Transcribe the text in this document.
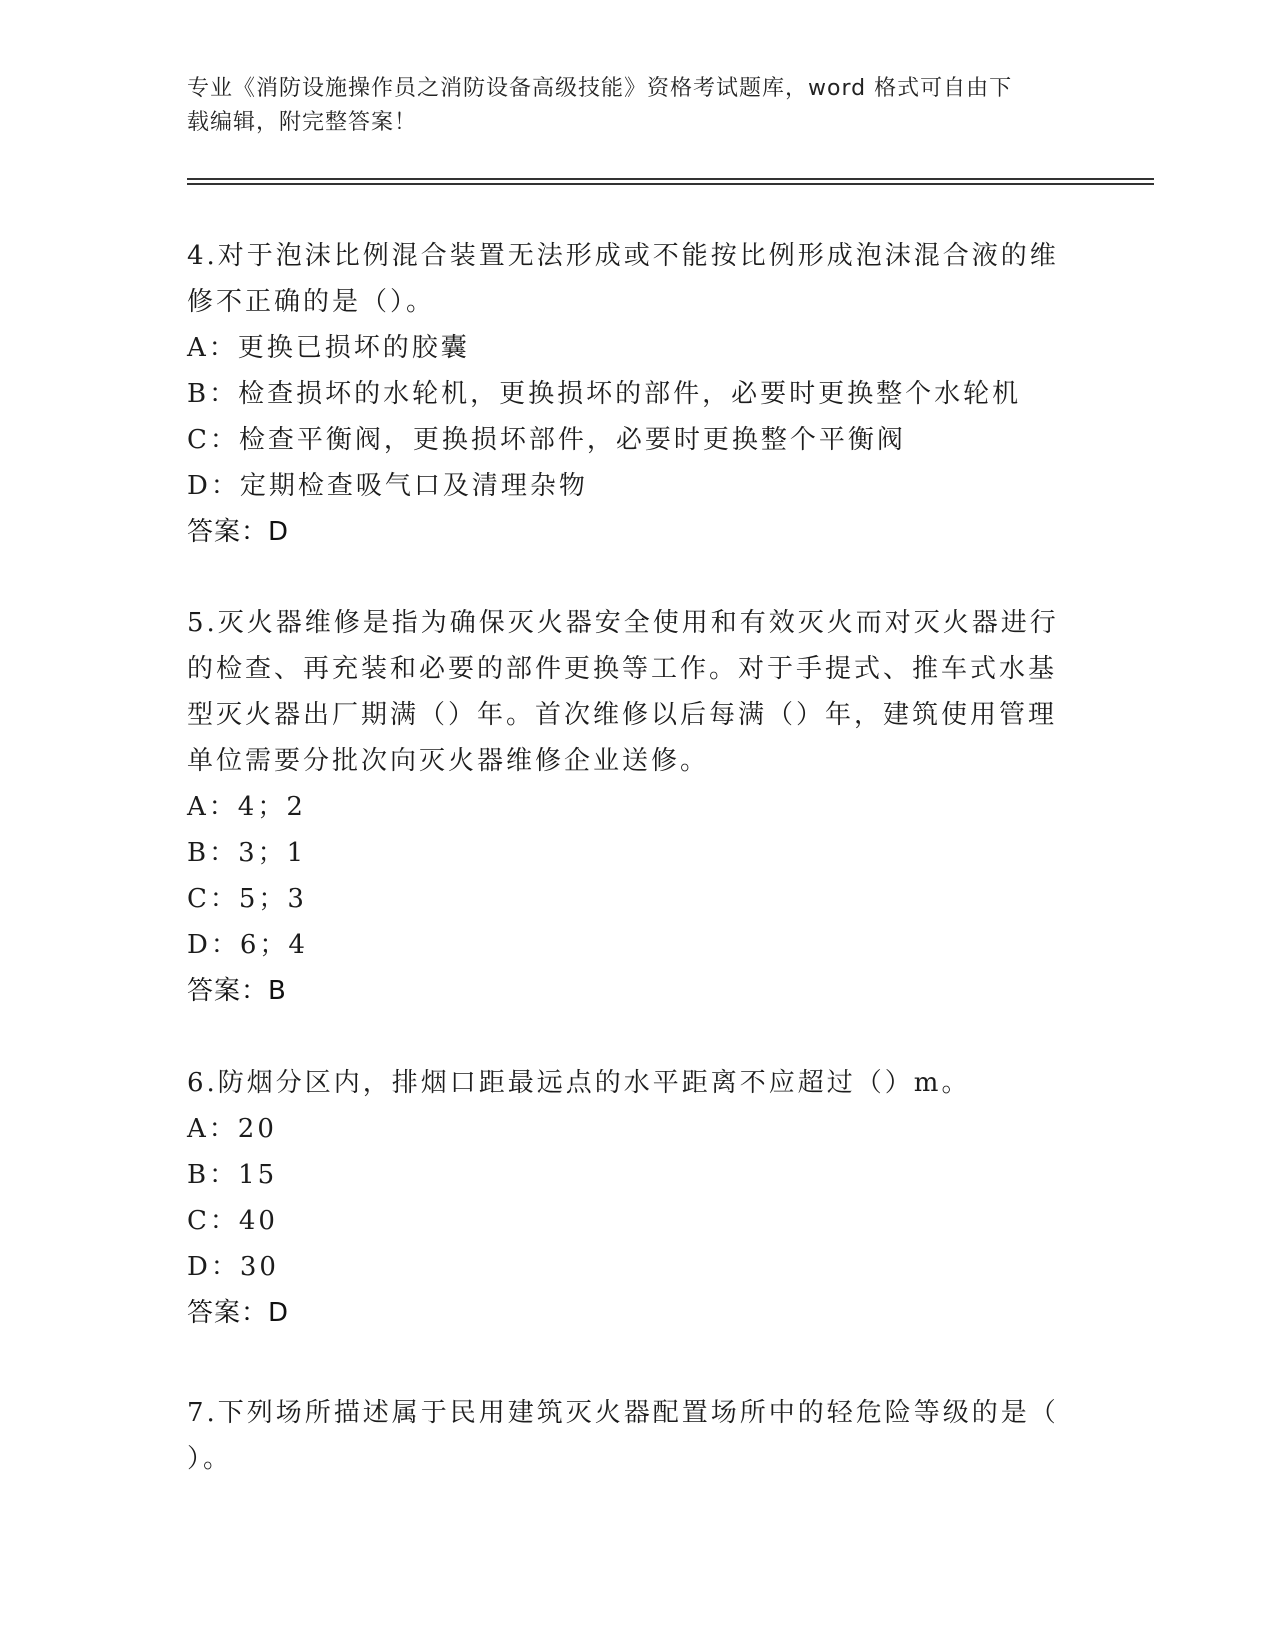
专业《消防设施操作员之消防设备高级技能》资格考试题库，word 格式可自由下
载编辑，附完整答案！

4.对于泡沫比例混合装置无法形成或不能按比例形成泡沫混合液的维

修不正确的是（）。

A：更换已损坏的胶囊

B：检查损坏的水轮机，更换损坏的部件，必要时更换整个水轮机

C：检查平衡阀，更换损坏部件，必要时更换整个平衡阀

D：定期检查吸气口及清理杂物

答案：D

5.灭火器维修是指为确保灭火器安全使用和有效灭火而对灭火器进行

的检查、再充装和必要的部件更换等工作。对于手提式、推车式水基

型灭火器出厂期满（）年。首次维修以后每满（）年，建筑使用管理

单位需要分批次向灭火器维修企业送修。

A：4；2

B：3；1

C：5；3

D：6；4

答案：B

6.防烟分区内，排烟口距最远点的水平距离不应超过（）m。

A：20

B：15

C：40

D：30

答案：D

7.下列场所描述属于民用建筑灭火器配置场所中的轻危险等级的是（

）。
